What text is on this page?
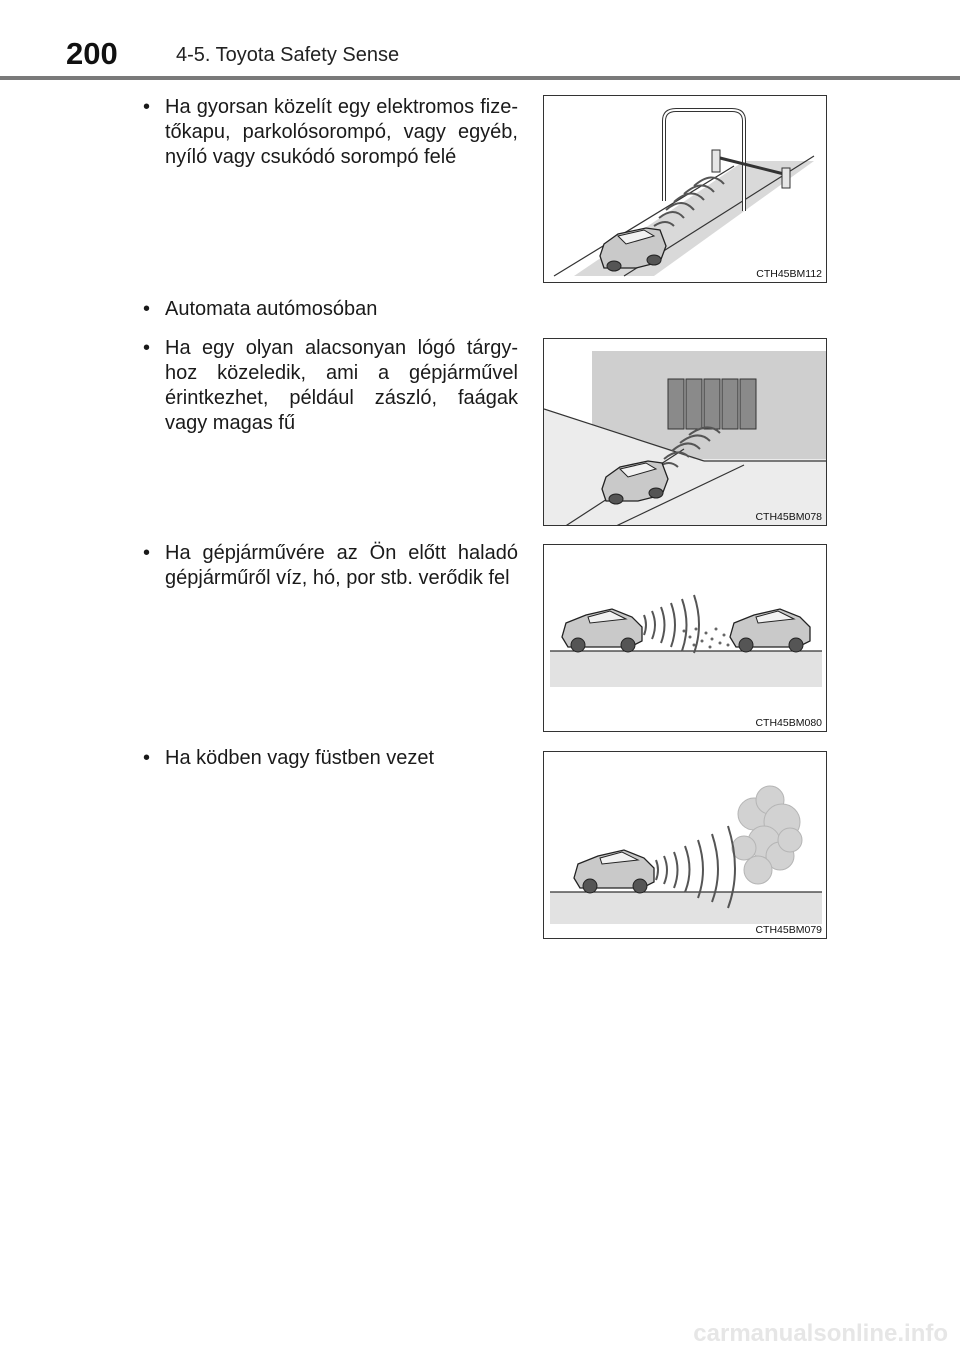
200	4-5. Toyota Safety Sense
• Ha gyorsan közelít egy elektromos fize-tőkapu, parkolósorompó, vagy egyéb, nyíló vagy csukódó sorompó felé
• Automata autómosóban
• Ha egy olyan alacsonyan lógó tárgy-hoz közeledik, ami a gépjárművel érintkezhet, például zászló, faágak vagy magas fű
• Ha gépjárművére az Ön előtt haladó gépjárműről víz, hó, por stb. verődik fel
• Ha ködben vagy füstben vezet
CTH45BM112
CTH45BM078
CTH45BM080
CTH45BM079
carmanualsonline.info
